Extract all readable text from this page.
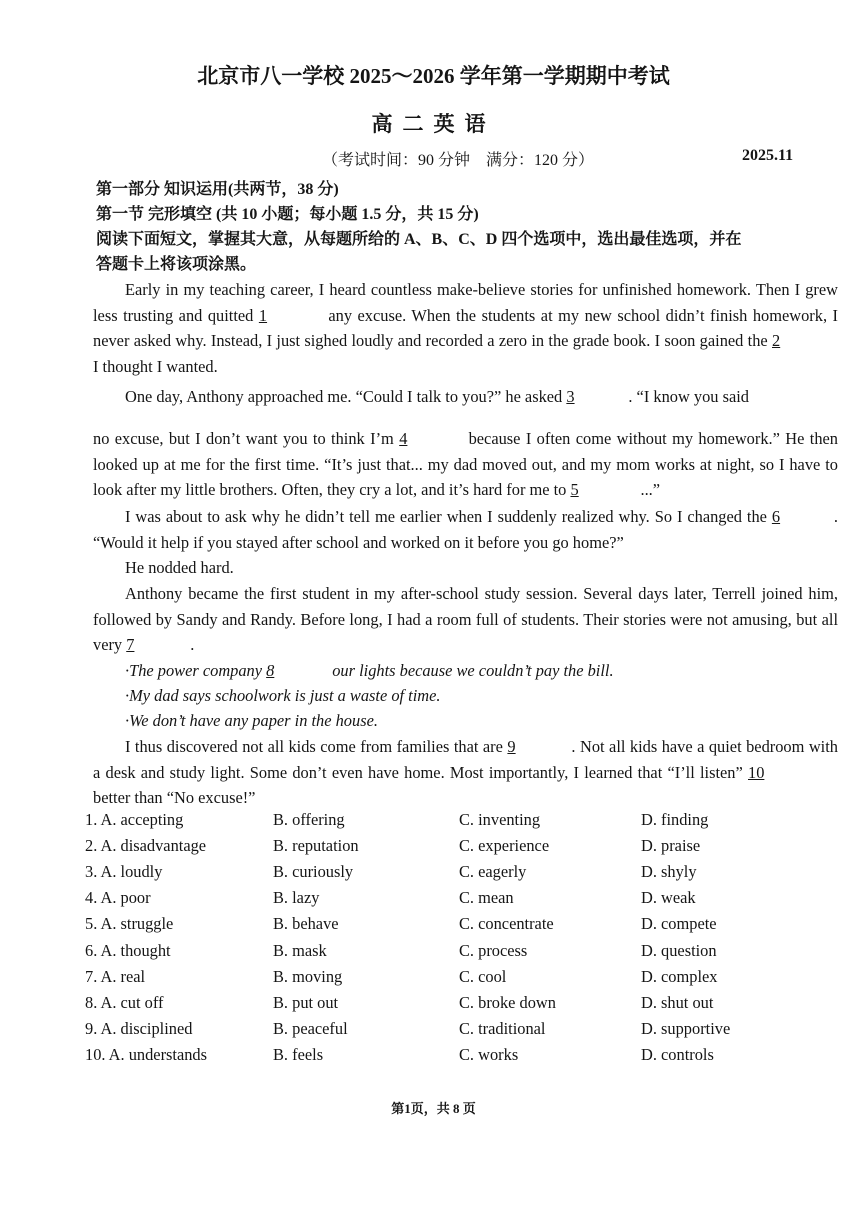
北京市八一学校 2025～2026 学年第一学期期中考试
高二英语
（考试时间：90 分钟　满分：120 分）	2025.11
第一部分 知识运用(共两节，38 分)
第一节 完形填空 (共 10 小题；每小题 1.5 分，共 15 分)
阅读下面短文，掌握其大意，从每题所给的 A、B、C、D 四个选项中，选出最佳选项，并在
答题卡上将该项涂黑。
Early in my teaching career, I heard countless make-believe stories for unfinished homework. Then I grew less trusting and quitted 1	any excuse. When the students at my new school didn’t finish homework, I never asked why. Instead, I just sighed loudly and recorded a zero in the grade book. I soon gained the 2 I thought I wanted.
One day, Anthony approached me. “Could I talk to you?” he asked 3	. “I know you said
no excuse, but I don’t want you to think I’m 4	because I often come without my homework.” He then looked up at me for the first time. “It’s just that... my dad moved out, and my mom works at night, so I have to look after my little brothers. Often, they cry a lot, and it’s hard for me to 5	...”
I was about to ask why he didn’t tell me earlier when I suddenly realized why. So I changed the 6	. “Would it help if you stayed after school and worked on it before you go home?”
He nodded hard.
Anthony became the first student in my after-school study session. Several days later, Terrell joined him, followed by Sandy and Randy. Before long, I had a room full of students. Their stories were not amusing, but all very 7	.
·The power company 8	our lights because we couldn’t pay the bill.
·My dad says schoolwork is just a waste of time.
·We don’t have any paper in the house.
I thus discovered not all kids come from families that are 9	. Not all kids have a quiet bedroom with a desk and study light. Some don’t even have home. Most importantly, I learned that “I’ll listen” 10 better than “No excuse!”
1. A. accepting	B. offering	C. inventing	D. finding
2. A. disadvantage	B. reputation	C. experience	D. praise
3. A. loudly	B. curiously	C. eagerly	D. shyly
4. A. poor	B. lazy	C. mean	D. weak
5. A. struggle	B. behave	C. concentrate	D. compete
6. A. thought	B. mask	C. process	D. question
7. A. real	B. moving	C. cool	D. complex
8. A. cut off	B. put out	C. broke down	D. shut out
9. A. disciplined	B. peaceful	C. traditional	D. supportive
10. A. understands	B. feels	C. works	D. controls
第1页，共 8 页
